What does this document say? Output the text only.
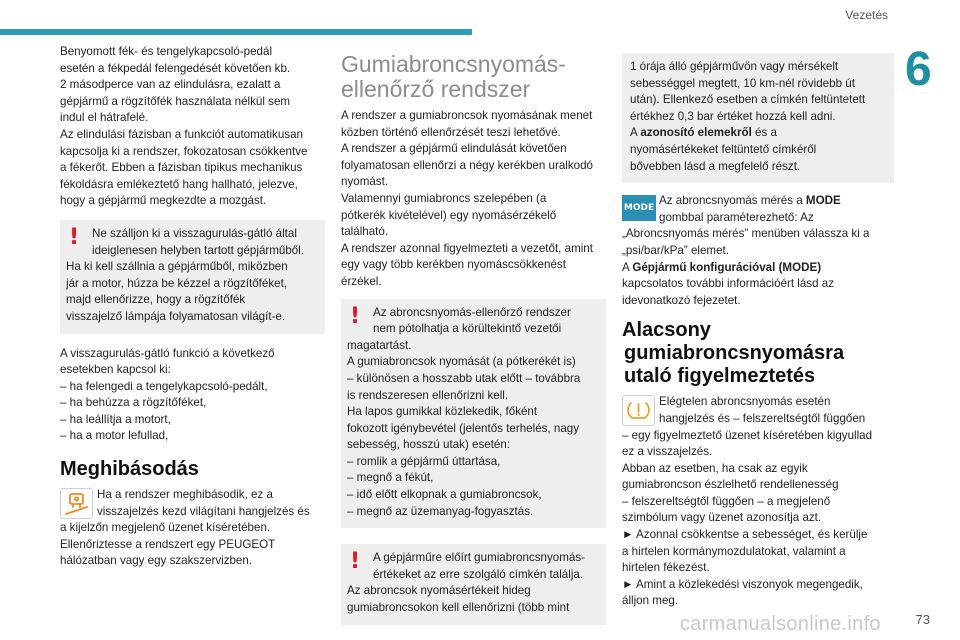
Vezetés
6

Benyomott fék- és tengelykapcsoló-pedál

esetén a fékpedál felengedését követően kb.

2 másodperce van az elindulásra, ezalatt a

gépjármű a rögzítőfék használata nélkül sem

indul el hátrafelé.

Az elindulási fázisban a funkciót automatikusan

kapcsolja ki a rendszer, fokozatosan csökkentve

a fékerőt. Ebben a fázisban tipikus mechanikus

fékoldásra emlékeztető hang hallható, jelezve,

hogy a gépjármű megkezdte a mozgást.

!	Ne szálljon ki a visszagurulás-gátló által

ideiglenesen helyben tartott gépjárműből.

Ha ki kell szállnia a gépjárműből, miközben

jár a motor, húzza be kézzel a rögzítőféket,

majd ellenőrizze, hogy a rögzítőfék

visszajelző lámpája folyamatosan világít-e.

A visszagurulás-gátló funkció a következő

esetekben kapcsol ki:

– ha felengedi a tengelykapcsoló-pedált,

– ha behúzza a rögzítőféket,

– ha leállítja a motort,

– ha a motor lefullad,

Meghibásodás

Ha a rendszer meghibásodik, ez a

visszajelzés kezd világítani hangjelzés és

a kijelzőn megjelenő üzenet kíséretében.

Ellenőriztesse a rendszert egy PEUGEOT

hálózatban vagy egy szakszervizben.

Gumiabroncsnyomás-
ellenőrző rendszer

A rendszer a gumiabroncsok nyomásának menet

közben történő ellenőrzését teszi lehetővé.

A rendszer a gépjármű elindulását követően

folyamatosan ellenőrzi a négy kerékben uralkodó

nyomást.

Valamennyi gumiabroncs szelepében (a

pótkerék kivételével) egy nyomásérzékelő

található.

A rendszer azonnal figyelmezteti a vezetőt, amint

egy vagy több kerékben nyomáscsökkenést

érzékel.

!	Az abroncsnyomás-ellenőrző rendszer

nem pótolhatja a körültekintő vezetői

magatartást.

A gumiabroncsok nyomását (a pótkerékét is)

– különösen a hosszabb utak előtt – továbbra

is rendszeresen ellenőrizni kell.

Ha lapos gumikkal közlekedik, főként

fokozott igénybevétel (jelentős terhelés, nagy

sebesség, hosszú utak) esetén:

– romlik a gépjármű úttartása,

– megnő a fékút,

– idő előtt elkopnak a gumiabroncsok,

– megnő az üzemanyag-fogyasztás.

!	A gépjárműre előírt gumiabroncsnyomás-

értékeket az erre szolgáló címkén találja.

Az abroncsok nyomásértékeit hideg

gumiabroncsokon kell ellenőrizni (több mint

1 órája álló gépjárművön vagy mérsékelt

sebességgel megtett, 10 km-nél rövidebb út

után). Ellenkező esetben a címkén feltüntetett

értékhez 0,3 bar értéket hozzá kell adni.

A azonosító elemekről és a

nyomásértékeket feltüntető címkéről

bővebben lásd a megfelelő részt.

MODE

Az abroncsnyomás mérés a MODE

gombbal paraméterezhető: Az

„Abroncsnyomás mérés” menüben válassza ki a

„psi/bar/kPa” elemet.

A Gépjármű konfigurációval (MODE)

kapcsolatos további információért lásd az

idevonatkozó fejezetet.

Alacsony
gumiabroncsnyomásra
utaló figyelmeztetés

Elégtelen abroncsnyomás esetén

hangjelzés és – felszereltségtől függően

– egy figyelmeztető üzenet kíséretében kigyullad

ez a visszajelzés.

Abban az esetben, ha csak az egyik

gumiabroncson észlelhető rendellenesség

– felszereltségtől függően – a megjelenő

szimbólum vagy üzenet azonosítja azt.

► Azonnal csökkentse a sebességet, és kerülje

a hirtelen kormánymozdulatokat, valamint a

hirtelen fékezést.

► Amint a közlekedési viszonyok megengedik,

álljon meg.

carmanualsonline.info	73
